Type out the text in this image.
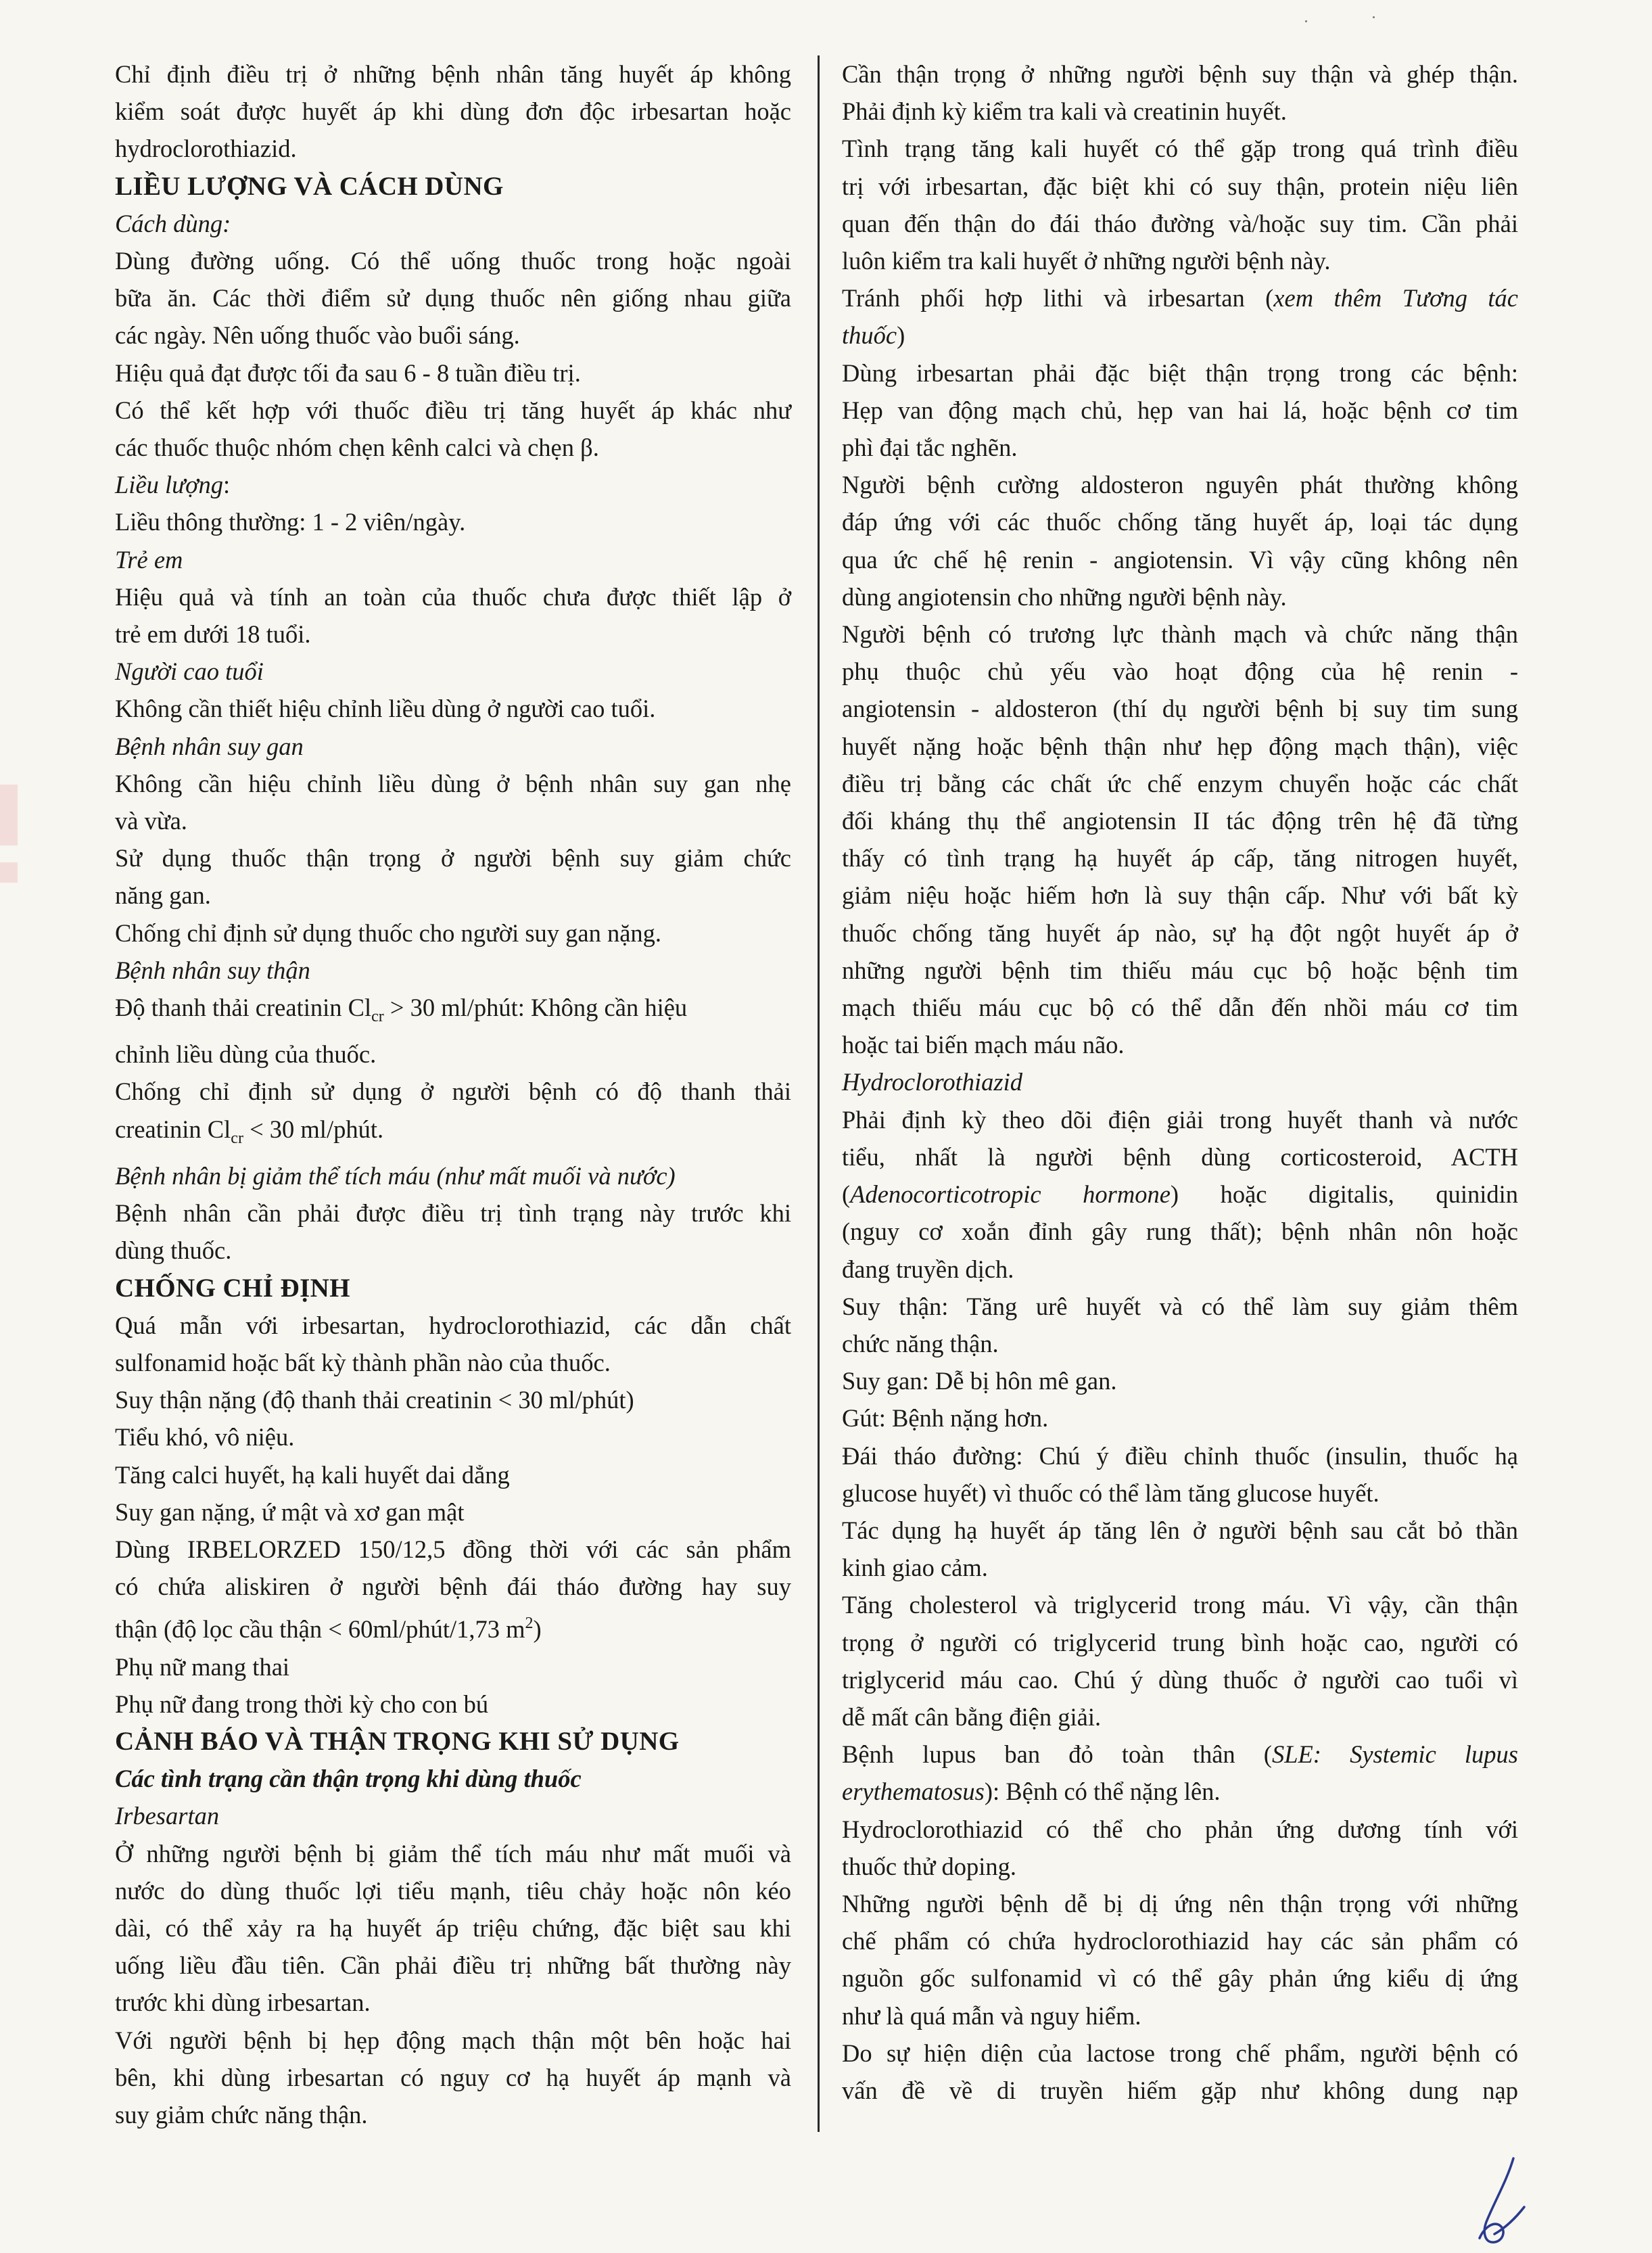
Chỉ định điều trị ở những bệnh nhân tăng huyết áp không
kiểm soát được huyết áp khi dùng đơn độc irbesartan hoặc
hydroclorothiazid.
LIỀU LƯỢNG VÀ CÁCH DÙNG
Cách dùng:
Dùng đường uống. Có thể uống thuốc trong hoặc ngoài
bữa ăn. Các thời điểm sử dụng thuốc nên giống nhau giữa
các ngày. Nên uống thuốc vào buổi sáng.
Hiệu quả đạt được tối đa sau 6 - 8 tuần điều trị.
Có thể kết hợp với thuốc điều trị tăng huyết áp khác như
các thuốc thuộc nhóm chẹn kênh calci và chẹn β.
Liều lượng:
Liều thông thường: 1 - 2 viên/ngày.
Trẻ em
Hiệu quả và tính an toàn của thuốc chưa được thiết lập ở
trẻ em dưới 18 tuổi.
Người cao tuổi
Không cần thiết hiệu chỉnh liều dùng ở người cao tuổi.
Bệnh nhân suy gan
Không cần hiệu chỉnh liều dùng ở bệnh nhân suy gan nhẹ
và vừa.
Sử dụng thuốc thận trọng ở người bệnh suy giảm chức
năng gan.
Chống chỉ định sử dụng thuốc cho người suy gan nặng.
Bệnh nhân suy thận
Độ thanh thải creatinin $Cl_{cr} > 30$ ml/phút: Không cần hiệu
chỉnh liều dùng của thuốc.
Chống chỉ định sử dụng ở người bệnh có độ thanh thải
creatinin $Cl_{cr} < 30$ ml/phút.
Bệnh nhân bị giảm thể tích máu (như mất muối và nước)
Bệnh nhân cần phải được điều trị tình trạng này trước khi
dùng thuốc.
CHỐNG CHỈ ĐỊNH
Quá mẫn với irbesartan, hydroclorothiazid, các dẫn chất
sulfonamid hoặc bất kỳ thành phần nào của thuốc.
Suy thận nặng (độ thanh thải creatinin < 30 ml/phút)
Tiểu khó, vô niệu.
Tăng calci huyết, hạ kali huyết dai dẳng
Suy gan nặng, ứ mật và xơ gan mật
Dùng IRBELORZED 150/12,5 đồng thời với các sản phẩm
có chứa aliskiren ở người bệnh đái tháo đường hay suy
thận (độ lọc cầu thận < 60ml/phút/1,73 $m^2$)
Phụ nữ mang thai
Phụ nữ đang trong thời kỳ cho con bú
CẢNH BÁO VÀ THẬN TRỌNG KHI SỬ DỤNG
Các tình trạng cần thận trọng khi dùng thuốc
Irbesartan
Ở những người bệnh bị giảm thể tích máu như mất muối và
nước do dùng thuốc lợi tiểu mạnh, tiêu chảy hoặc nôn kéo
dài, có thể xảy ra hạ huyết áp triệu chứng, đặc biệt sau khi
uống liều đầu tiên. Cần phải điều trị những bất thường này
trước khi dùng irbesartan.
Với người bệnh bị hẹp động mạch thận một bên hoặc hai
bên, khi dùng irbesartan có nguy cơ hạ huyết áp mạnh và
suy giảm chức năng thận.
Cần thận trọng ở những người bệnh suy thận và ghép thận.
Phải định kỳ kiểm tra kali và creatinin huyết.
Tình trạng tăng kali huyết có thể gặp trong quá trình điều
trị với irbesartan, đặc biệt khi có suy thận, protein niệu liên
quan đến thận do đái tháo đường và/hoặc suy tim. Cần phải
luôn kiểm tra kali huyết ở những người bệnh này.
Tránh phối hợp lithi và irbesartan (xem thêm Tương tác
thuốc)
Dùng irbesartan phải đặc biệt thận trọng trong các bệnh:
Hẹp van động mạch chủ, hẹp van hai lá, hoặc bệnh cơ tim
phì đại tắc nghẽn.
Người bệnh cường aldosteron nguyên phát thường không
đáp ứng với các thuốc chống tăng huyết áp, loại tác dụng
qua ức chế hệ renin - angiotensin. Vì vậy cũng không nên
dùng angiotensin cho những người bệnh này.
Người bệnh có trương lực thành mạch và chức năng thận
phụ thuộc chủ yếu vào hoạt động của hệ renin -
angiotensin - aldosteron (thí dụ người bệnh bị suy tim sung
huyết nặng hoặc bệnh thận như hẹp động mạch thận), việc
điều trị bằng các chất ức chế enzym chuyển hoặc các chất
đối kháng thụ thể angiotensin II tác động trên hệ đã từng
thấy có tình trạng hạ huyết áp cấp, tăng nitrogen huyết,
giảm niệu hoặc hiếm hơn là suy thận cấp. Như với bất kỳ
thuốc chống tăng huyết áp nào, sự hạ đột ngột huyết áp ở
những người bệnh tim thiếu máu cục bộ hoặc bệnh tim
mạch thiếu máu cục bộ có thể dẫn đến nhồi máu cơ tim
hoặc tai biến mạch máu não.
Hydroclorothiazid
Phải định kỳ theo dõi điện giải trong huyết thanh và nước
tiểu, nhất là người bệnh dùng corticosteroid, ACTH
(Adenocorticotropic hormone) hoặc digitalis, quinidin
(nguy cơ xoắn đỉnh gây rung thất); bệnh nhân nôn hoặc
đang truyền dịch.
Suy thận: Tăng urê huyết và có thể làm suy giảm thêm
chức năng thận.
Suy gan: Dễ bị hôn mê gan.
Gút: Bệnh nặng hơn.
Đái tháo đường: Chú ý điều chỉnh thuốc (insulin, thuốc hạ
glucose huyết) vì thuốc có thể làm tăng glucose huyết.
Tác dụng hạ huyết áp tăng lên ở người bệnh sau cắt bỏ thần
kinh giao cảm.
Tăng cholesterol và triglycerid trong máu. Vì vậy, cần thận
trọng ở người có triglycerid trung bình hoặc cao, người có
triglycerid máu cao. Chú ý dùng thuốc ở người cao tuổi vì
dễ mất cân bằng điện giải.
Bệnh lupus ban đỏ toàn thân (SLE: Systemic lupus
erythematosus): Bệnh có thể nặng lên.
Hydroclorothiazid có thể cho phản ứng dương tính với
thuốc thử doping.
Những người bệnh dễ bị dị ứng nên thận trọng với những
chế phẩm có chứa hydroclorothiazid hay các sản phẩm có
nguồn gốc sulfonamid vì có thể gây phản ứng kiểu dị ứng
như là quá mẫn và nguy hiểm.
Do sự hiện diện của lactose trong chế phẩm, người bệnh có
vấn đề về di truyền hiếm gặp như không dung nạp
